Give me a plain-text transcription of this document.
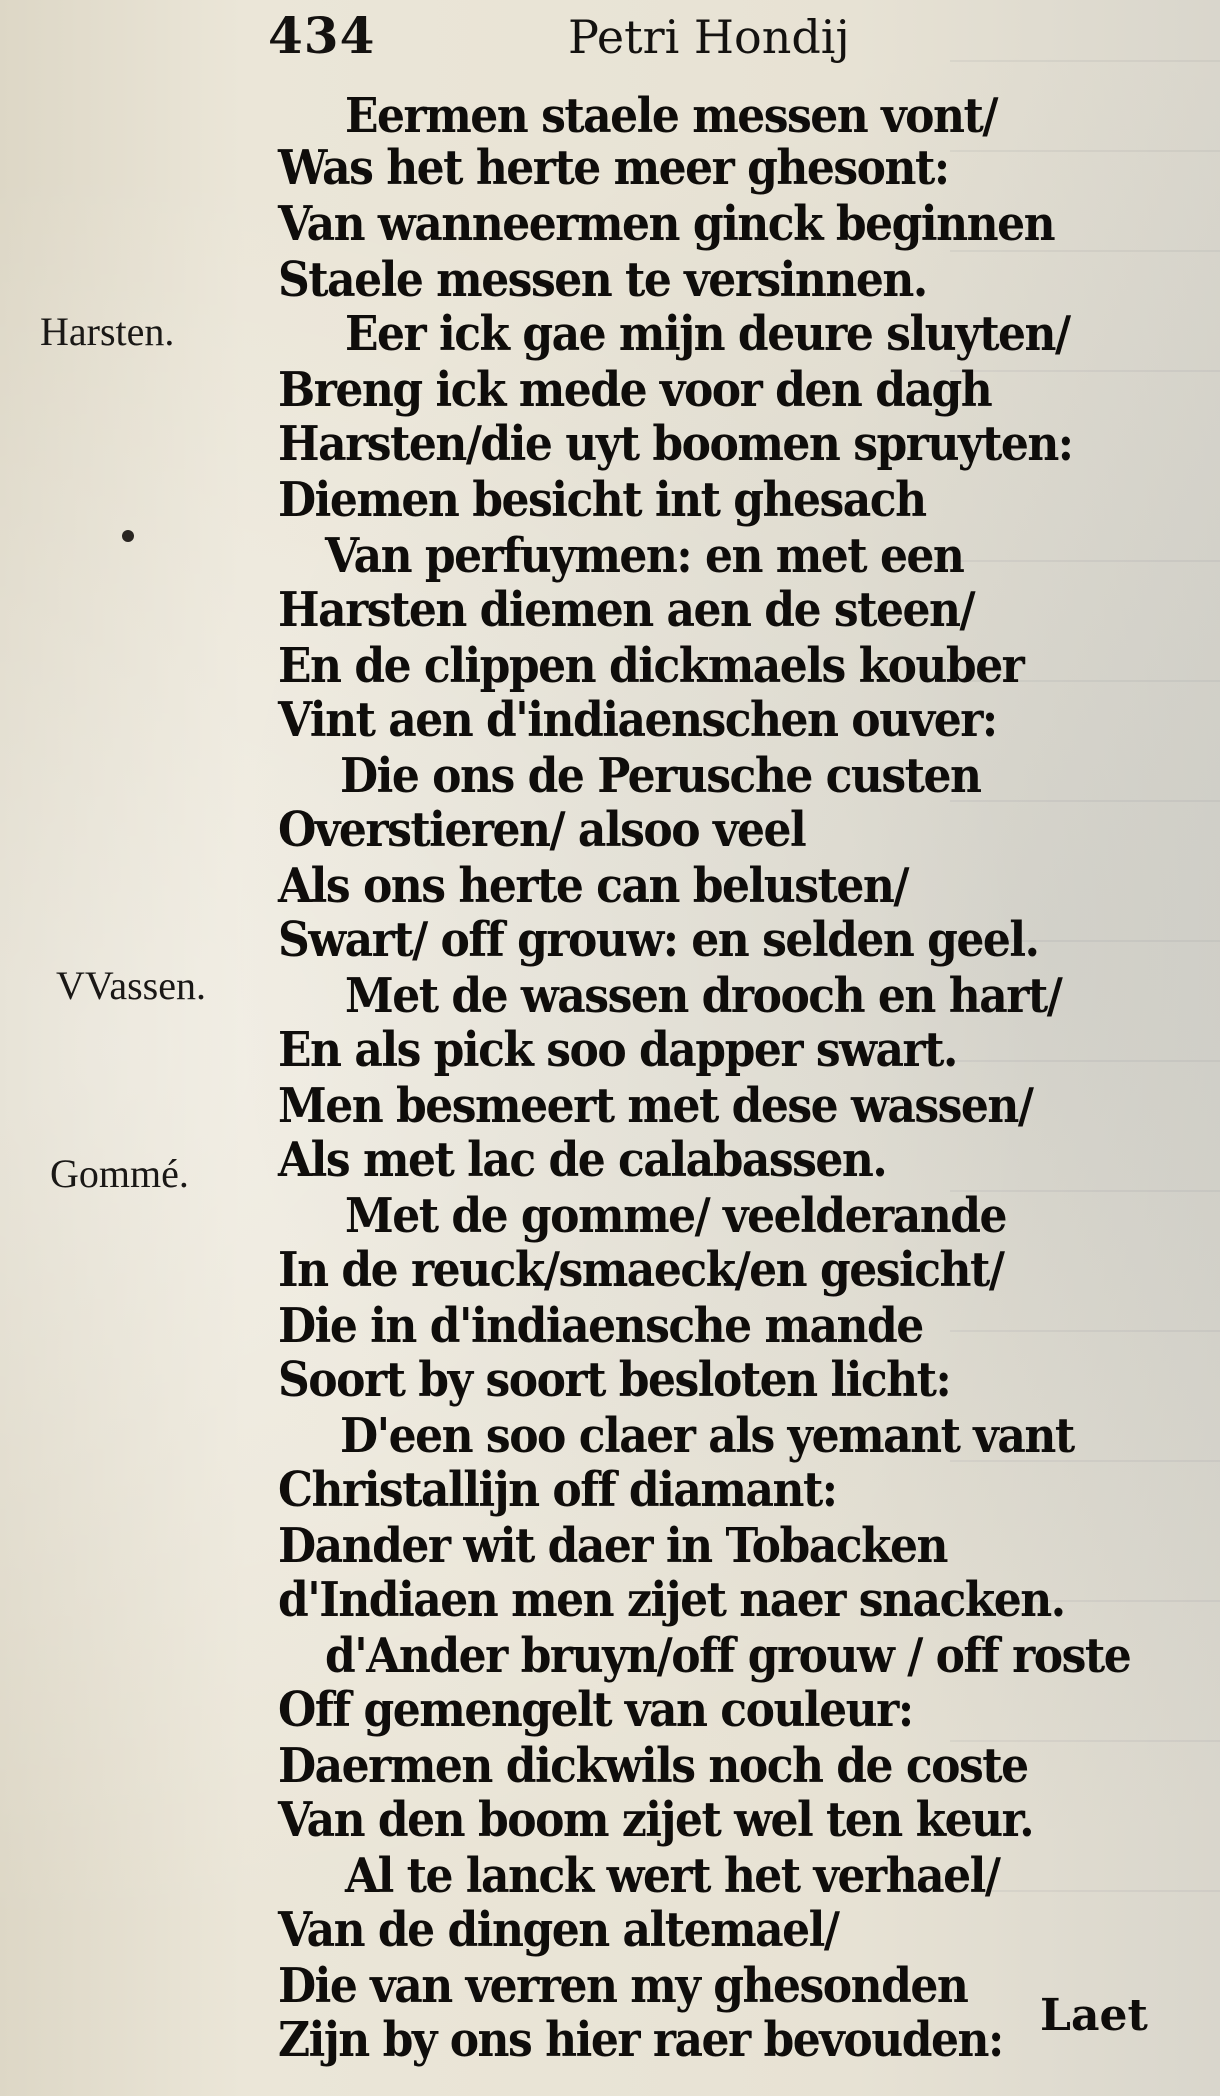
434	Petri Hondij
Harsten.
VVassen.
Gommé.
Eermen staele messen vont/
Was het herte meer ghesont:
Van wanneermen ginck beginnen
Staele messen te versinnen.
Eer ick gae mijn deure sluyten/
Breng ick mede voor den dagh
Harsten/die uyt boomen spruyten:
Diemen besicht int ghesach
Van perfuymen: en met een
Harsten diemen aen de steen/
En de clippen dickmaels kouber
Vint aen d'indiaenschen ouver:
Die ons de Perusche custen
Overstieren/ alsoo veel
Als ons herte can belusten/
Swart/ off grouw: en selden geel.
Met de wassen drooch en hart/
En als pick soo dapper swart.
Men besmeert met dese wassen/
Als met lac de calabassen.
Met de gomme/ veelderande
In de reuck/smaeck/en gesicht/
Die in d'indiaensche mande
Soort by soort besloten licht:
D'een soo claer als yemant vant
Christallijn off diamant:
Dander wit daer in Tobacken
d'Indiaen men zijet naer snacken.
d'Ander bruyn/off grouw / off roste
Off gemengelt van couleur:
Daermen dickwils noch de coste
Van den boom zijet wel ten keur.
Al te lanck wert het verhael/
Van de dingen altemael/
Die van verren my ghesonden
Zijn by ons hier raer bevouden: Laet
